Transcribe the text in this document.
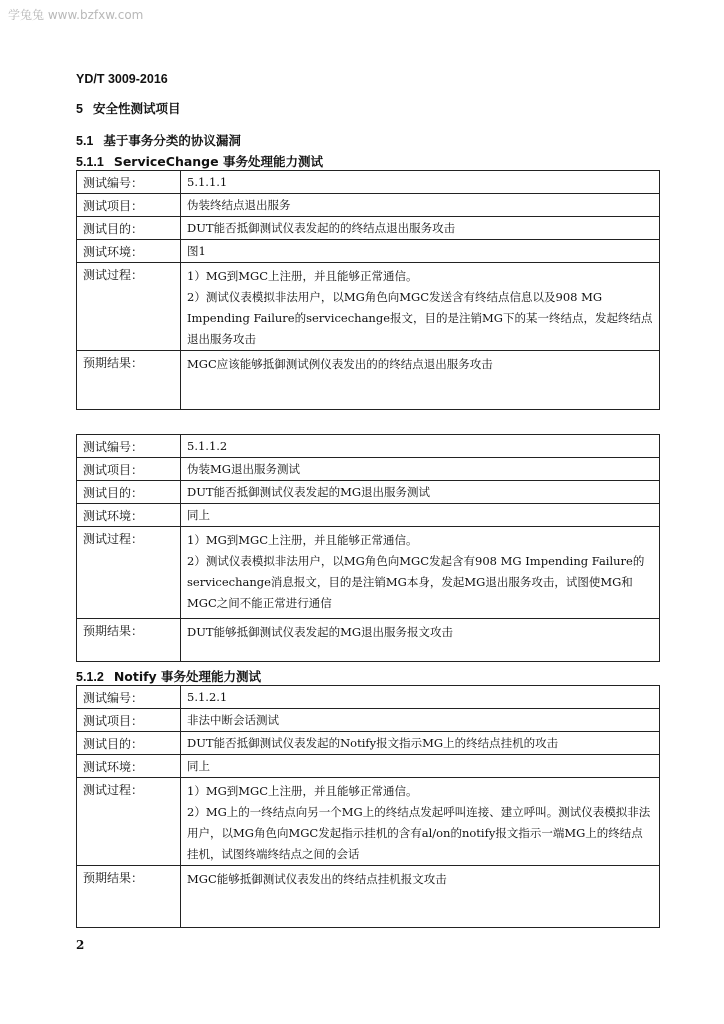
学兔兔 www.bzfxw.com
YD/T 3009-2016
5 安全性测试项目
5.1 基于事务分类的协议漏洞
5.1.1 ServiceChange 事务处理能力测试
测试编号：	5.1.1.1
测试项目：	伪装终结点退出服务
测试目的：	DUT能否抵御测试仪表发起的的终结点退出服务攻击
测试环境：	图1
测试过程：	1）MG到MGC上注册，并且能够正常通信。

2）测试仪表模拟非法用户，以MG角色向MGC发送含有终结点信息以及908 MG Impending Failure的servicechange报文，目的是注销MG下的某一终结点，发起终结点退出服务攻击

预期结果：	MGC应该能够抵御测试例仪表发出的的终结点退出服务攻击
测试编号：	5.1.1.2
测试项目：	伪装MG退出服务测试
测试目的：	DUT能否抵御测试仪表发起的MG退出服务测试
测试环境：	同上
测试过程：	1）MG到MGC上注册，并且能够正常通信。

2）测试仪表模拟非法用户，以MG角色向MGC发起含有908 MG Impending Failure的servicechange消息报文，目的是注销MG本身，发起MG退出服务攻击，试图使MG和MGC之间不能正常进行通信

预期结果：	DUT能够抵御测试仪表发起的MG退出服务报文攻击
5.1.2 Notify 事务处理能力测试
测试编号：	5.1.2.1
测试项目：	非法中断会话测试
测试目的：	DUT能否抵御测试仪表发起的Notify报文指示MG上的终结点挂机的攻击
测试环境：	同上
测试过程：	1）MG到MGC上注册，并且能够正常通信。

2）MG上的一终结点向另一个MG上的终结点发起呼叫连接、建立呼叫。测试仪表模拟非法用户，以MG角色向MGC发起指示挂机的含有al/on的notify报文指示一端MG上的终结点挂机，试图终端终结点之间的会话

预期结果：	MGC能够抵御测试仪表发出的终结点挂机报文攻击
2
